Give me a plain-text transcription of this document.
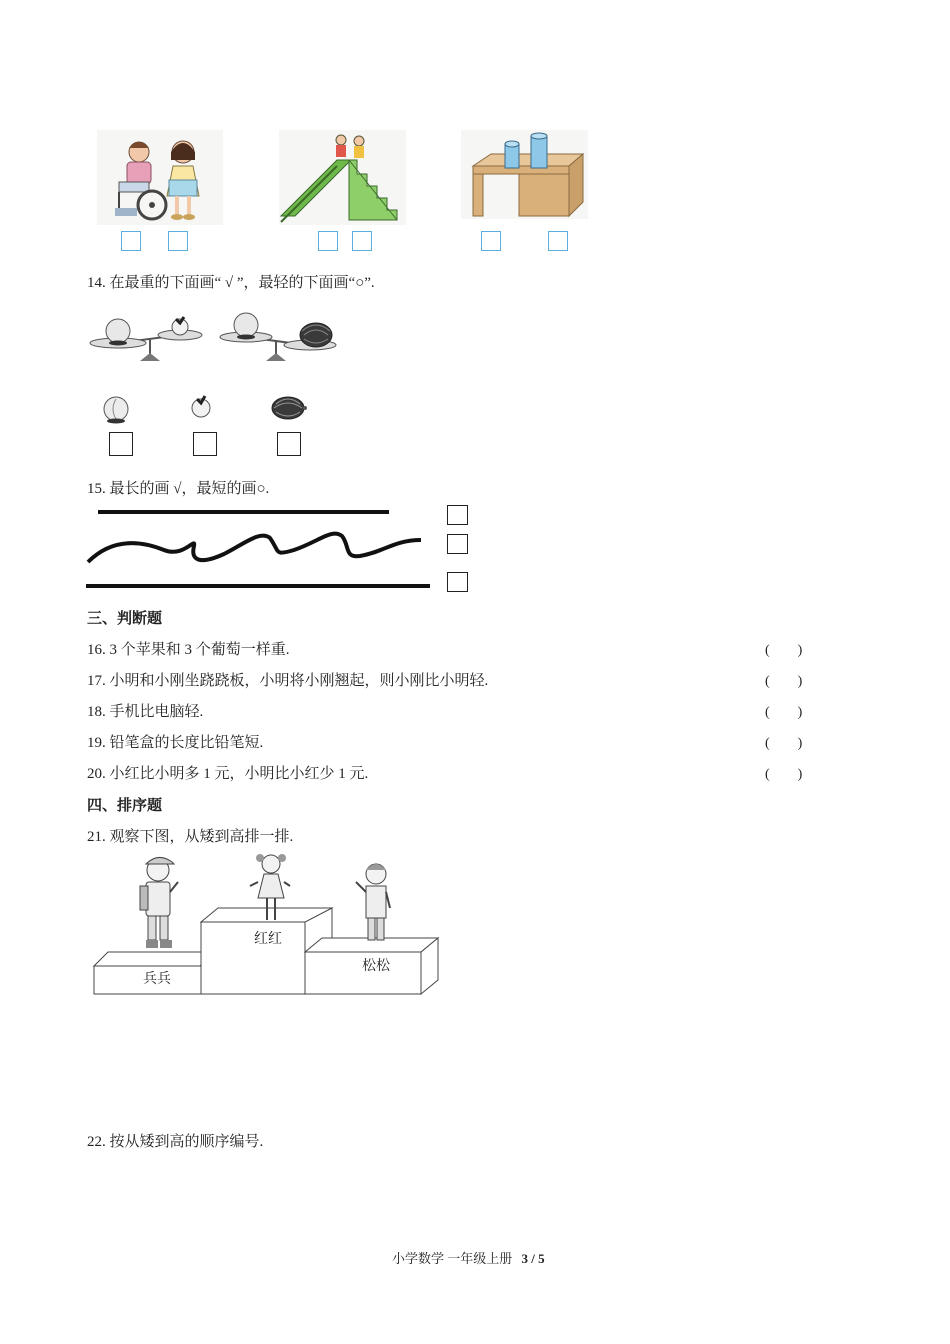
14. 在最重的下面画“ √ ”，最轻的下面画“○”.
15. 最长的画 √，最短的画○.
三、判断题
16. 3 个苹果和 3 个葡萄一样重.	(　　)
17. 小明和小刚坐跷跷板，小明将小刚翘起，则小刚比小明轻.	(　　)
18. 手机比电脑轻.	(　　)
19. 铅笔盒的长度比铅笔短.	(　　)
20. 小红比小明多 1 元，小明比小红少 1 元.	(　　)
四、排序题
21. 观察下图，从矮到高排一排.
兵兵
红红
松松
22. 按从矮到高的顺序编号.
小学数学 一年级上册 3 / 5
